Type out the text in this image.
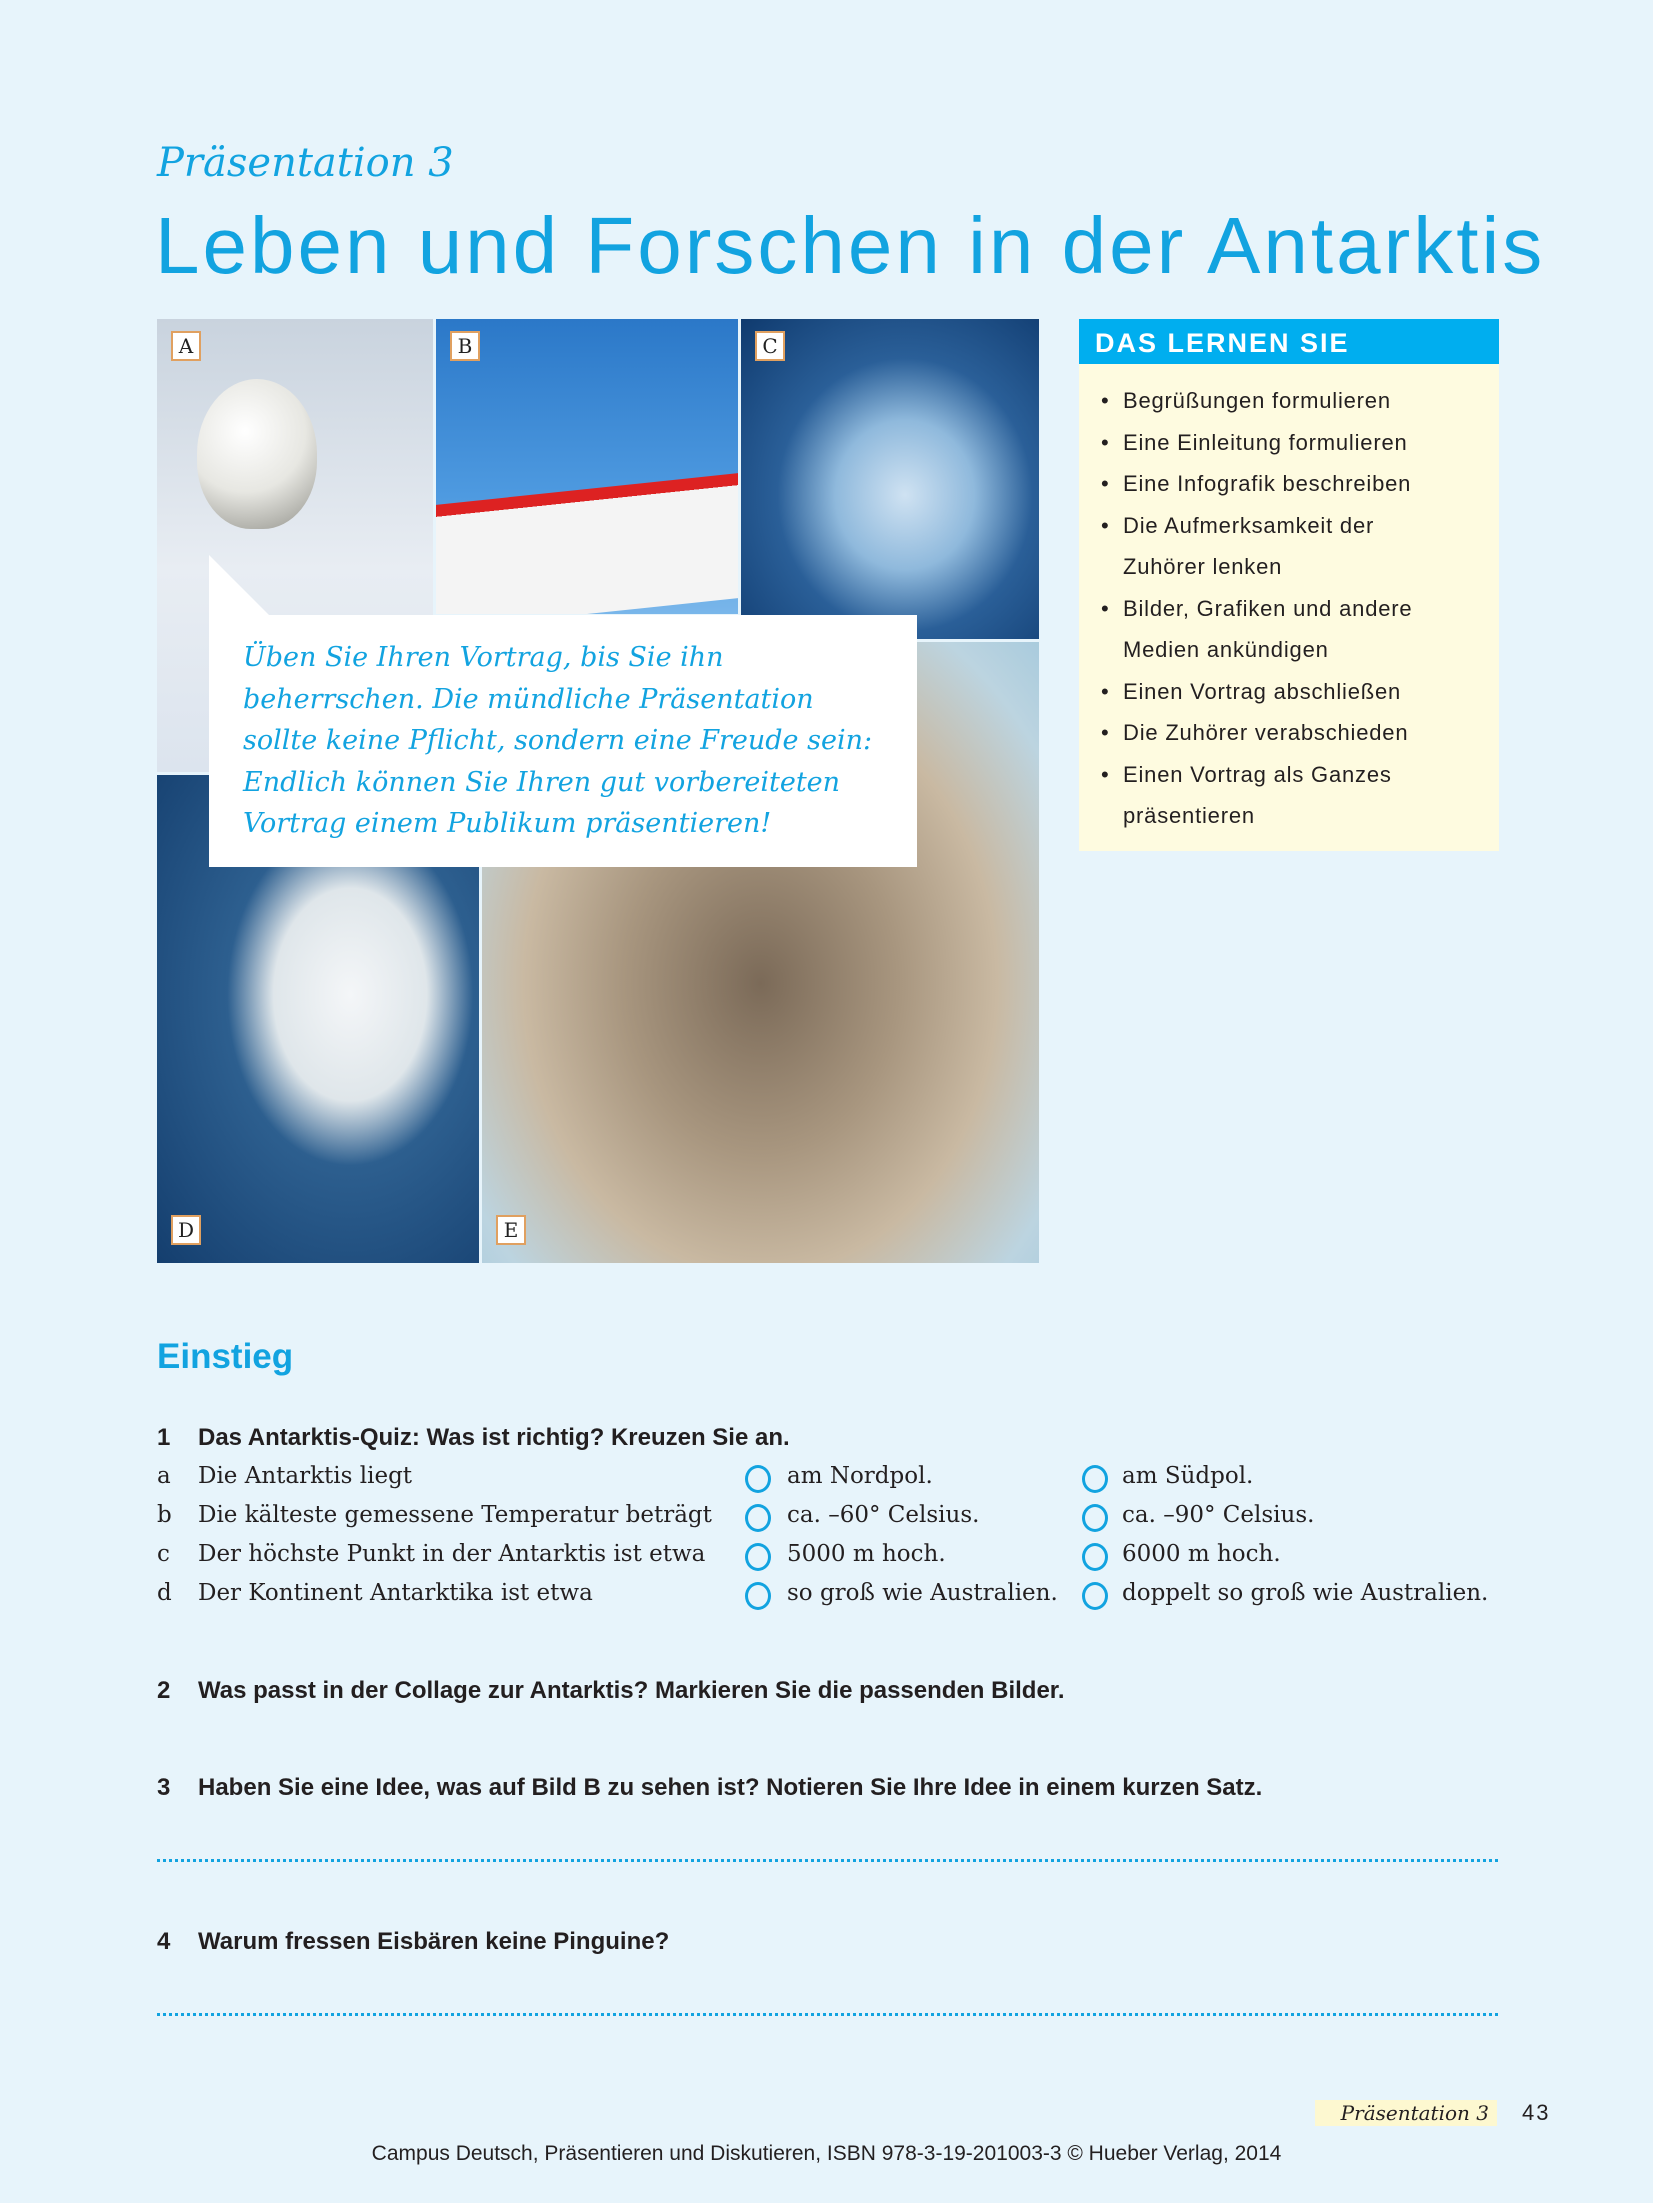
Präsentation 3
Leben und Forschen in der Antarktis
A	B	C
D	E

Üben Sie Ihren Vortrag, bis Sie ihn beherrschen. Die mündliche Präsentation sollte keine Pflicht, sondern eine Freude sein: Endlich können Sie Ihren gut vorbereiteten Vortrag einem Publikum präsentieren!

DAS LERNEN SIE
• Begrüßungen formulieren
• Eine Einleitung formulieren
• Eine Infografik beschreiben
• Die Aufmerksamkeit der Zuhörer lenken
• Bilder, Grafiken und andere Medien ankündigen
• Einen Vortrag abschließen
• Die Zuhörer verabschieden
• Einen Vortrag als Ganzes präsentieren
Einstieg
1 Das Antarktis-Quiz: Was ist richtig? Kreuzen Sie an.
a Die Antarktis liegt	am Nordpol.	am Südpol.
b Die kälteste gemessene Temperatur beträgt	ca. –60° Celsius.	ca. –90° Celsius.
c Der höchste Punkt in der Antarktis ist etwa	5000 m hoch.	6000 m hoch.
d Der Kontinent Antarktika ist etwa	so groß wie Australien.	doppelt so groß wie Australien.
2 Was passt in der Collage zur Antarktis? Markieren Sie die passenden Bilder.
3 Haben Sie eine Idee, was auf Bild B zu sehen ist? Notieren Sie Ihre Idee in einem kurzen Satz.
4 Warum fressen Eisbären keine Pinguine?
Präsentation 3	43
Campus Deutsch, Präsentieren und Diskutieren, ISBN 978-3-19-201003-3 © Hueber Verlag, 2014
